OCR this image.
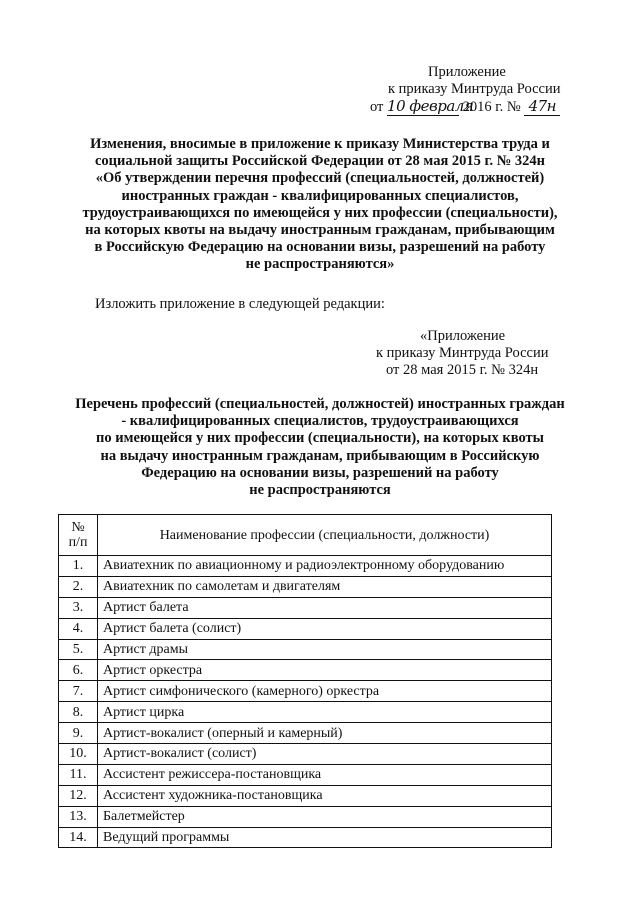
Приложение
к приказу Минтруда России
от 10 февраля 2016 г. № 47н
Изменения, вносимые в приложение к приказу Министерства труда и
социальной защиты Российской Федерации от 28 мая 2015 г. № 324н
«Об утверждении перечня профессий (специальностей, должностей)
иностранных граждан - квалифицированных специалистов,
трудоустраивающихся по имеющейся у них профессии (специальности),
на которых квоты на выдачу иностранным гражданам, прибывающим
в Российскую Федерацию на основании визы, разрешений на работу
не распространяются»
Изложить приложение в следующей редакции:
«Приложение
к приказу Минтруда России
от 28 мая 2015 г. № 324н
Перечень профессий (специальностей, должностей) иностранных граждан
- квалифицированных специалистов, трудоустраивающихся
по имеющейся у них профессии (специальности), на которых квоты
на выдачу иностранным гражданам, прибывающим в Российскую
Федерацию на основании визы, разрешений на работу
не распространяются
№
п/п	Наименование профессии (специальности, должности)
1.	Авиатехник по авиационному и радиоэлектронному оборудованию
2.	Авиатехник по самолетам и двигателям
3.	Артист балета
4.	Артист балета (солист)
5.	Артист драмы
6.	Артист оркестра
7.	Артист симфонического (камерного) оркестра
8.	Артист цирка
9.	Артист-вокалист (оперный и камерный)
10.	Артист-вокалист (солист)
11.	Ассистент режиссера-постановщика
12.	Ассистент художника-постановщика
13.	Балетмейстер
14.	Ведущий программы
